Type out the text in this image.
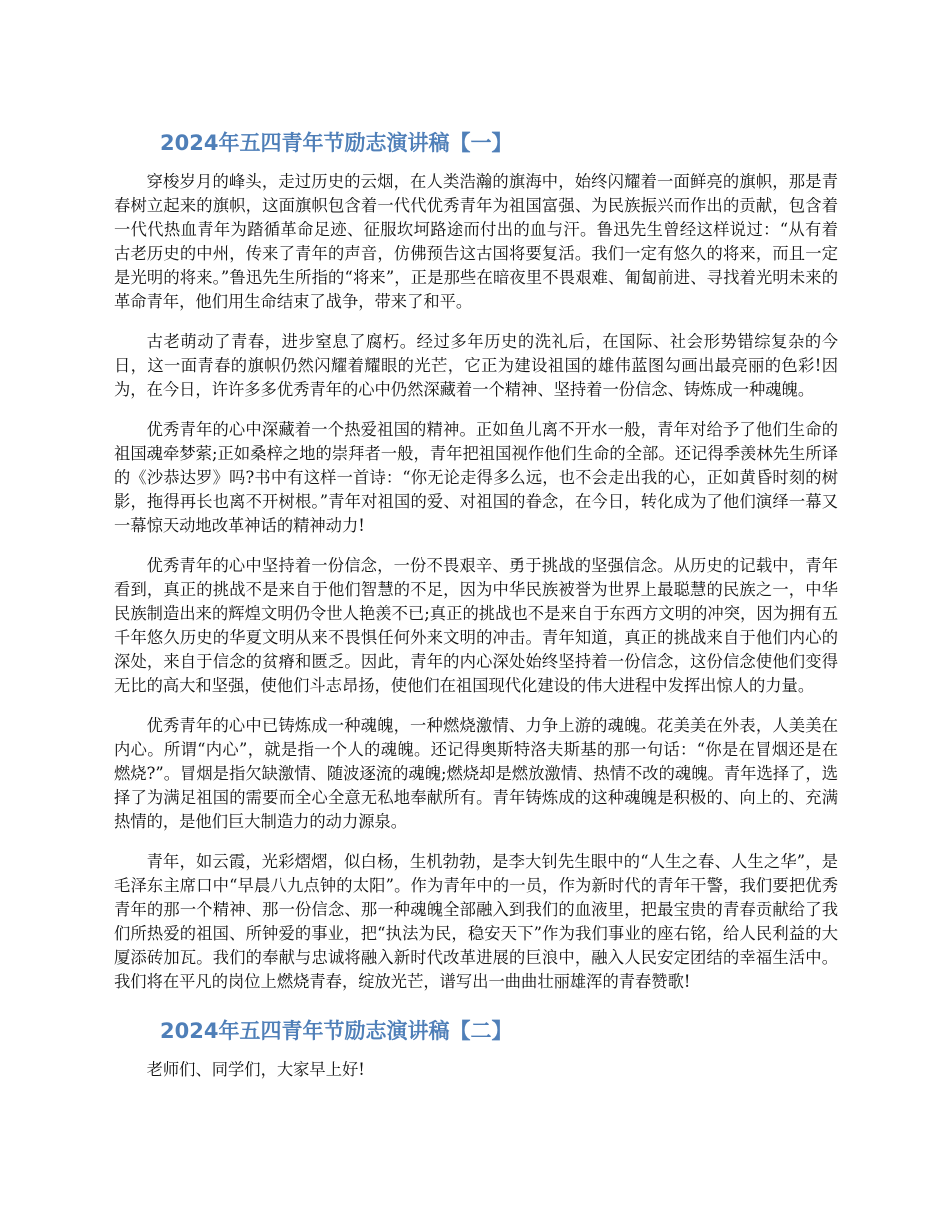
2024年五四青年节励志演讲稿【一】

穿梭岁月的峰头，走过历史的云烟，在人类浩瀚的旗海中，始终闪耀着一面鲜亮的旗帜，那是青春树立起来的旗帜，这面旗帜包含着一代代优秀青年为祖国富强、为民族振兴而作出的贡献，包含着一代代热血青年为踏循革命足迹、征服坎坷路途而付出的血与汗。鲁迅先生曾经这样说过：“从有着古老历史的中州，传来了青年的声音，仿佛预告这古国将要复活。我们一定有悠久的将来，而且一定是光明的将来。”鲁迅先生所指的“将来”，正是那些在暗夜里不畏艰难、匍匐前进、寻找着光明未来的革命青年，他们用生命结束了战争，带来了和平。

古老萌动了青春，进步窒息了腐朽。经过多年历史的洗礼后，在国际、社会形势错综复杂的今日，这一面青春的旗帜仍然闪耀着耀眼的光芒，它正为建设祖国的雄伟蓝图勾画出最亮丽的色彩!因为，在今日，许许多多优秀青年的心中仍然深藏着一个精神、坚持着一份信念、铸炼成一种魂魄。

优秀青年的心中深藏着一个热爱祖国的精神。正如鱼儿离不开水一般，青年对给予了他们生命的祖国魂牵梦萦;正如桑梓之地的崇拜者一般，青年把祖国视作他们生命的全部。还记得季羡林先生所译的《沙恭达罗》吗?书中有这样一首诗：“你无论走得多么远，也不会走出我的心，正如黄昏时刻的树影，拖得再长也离不开树根。”青年对祖国的爱、对祖国的眷念，在今日，转化成为了他们演绎一幕又一幕惊天动地改革神话的精神动力!

优秀青年的心中坚持着一份信念，一份不畏艰辛、勇于挑战的坚强信念。从历史的记载中，青年看到，真正的挑战不是来自于他们智慧的不足，因为中华民族被誉为世界上最聪慧的民族之一，中华民族制造出来的辉煌文明仍令世人艳羡不已;真正的挑战也不是来自于东西方文明的冲突，因为拥有五千年悠久历史的华夏文明从来不畏惧任何外来文明的冲击。青年知道，真正的挑战来自于他们内心的深处，来自于信念的贫瘠和匮乏。因此，青年的内心深处始终坚持着一份信念，这份信念使他们变得无比的高大和坚强，使他们斗志昂扬，使他们在祖国现代化建设的伟大进程中发挥出惊人的力量。

优秀青年的心中已铸炼成一种魂魄，一种燃烧激情、力争上游的魂魄。花美美在外表，人美美在内心。所谓“内心”，就是指一个人的魂魄。还记得奥斯特洛夫斯基的那一句话：“你是在冒烟还是在燃烧?”。冒烟是指欠缺激情、随波逐流的魂魄;燃烧却是燃放激情、热情不改的魂魄。青年选择了，选择了为满足祖国的需要而全心全意无私地奉献所有。青年铸炼成的这种魂魄是积极的、向上的、充满热情的，是他们巨大制造力的动力源泉。

青年，如云霞，光彩熠熠，似白杨，生机勃勃，是李大钊先生眼中的“人生之春、人生之华”，是毛泽东主席口中“早晨八九点钟的太阳”。作为青年中的一员，作为新时代的青年干警，我们要把优秀青年的那一个精神、那一份信念、那一种魂魄全部融入到我们的血液里，把最宝贵的青春贡献给了我们所热爱的祖国、所钟爱的事业，把“执法为民，稳安天下”作为我们事业的座右铭，给人民利益的大厦添砖加瓦。我们的奉献与忠诚将融入新时代改革进展的巨浪中，融入人民安定团结的幸福生活中。我们将在平凡的岗位上燃烧青春，绽放光芒，谱写出一曲曲壮丽雄浑的青春赞歌!

2024年五四青年节励志演讲稿【二】

老师们、同学们，大家早上好!
